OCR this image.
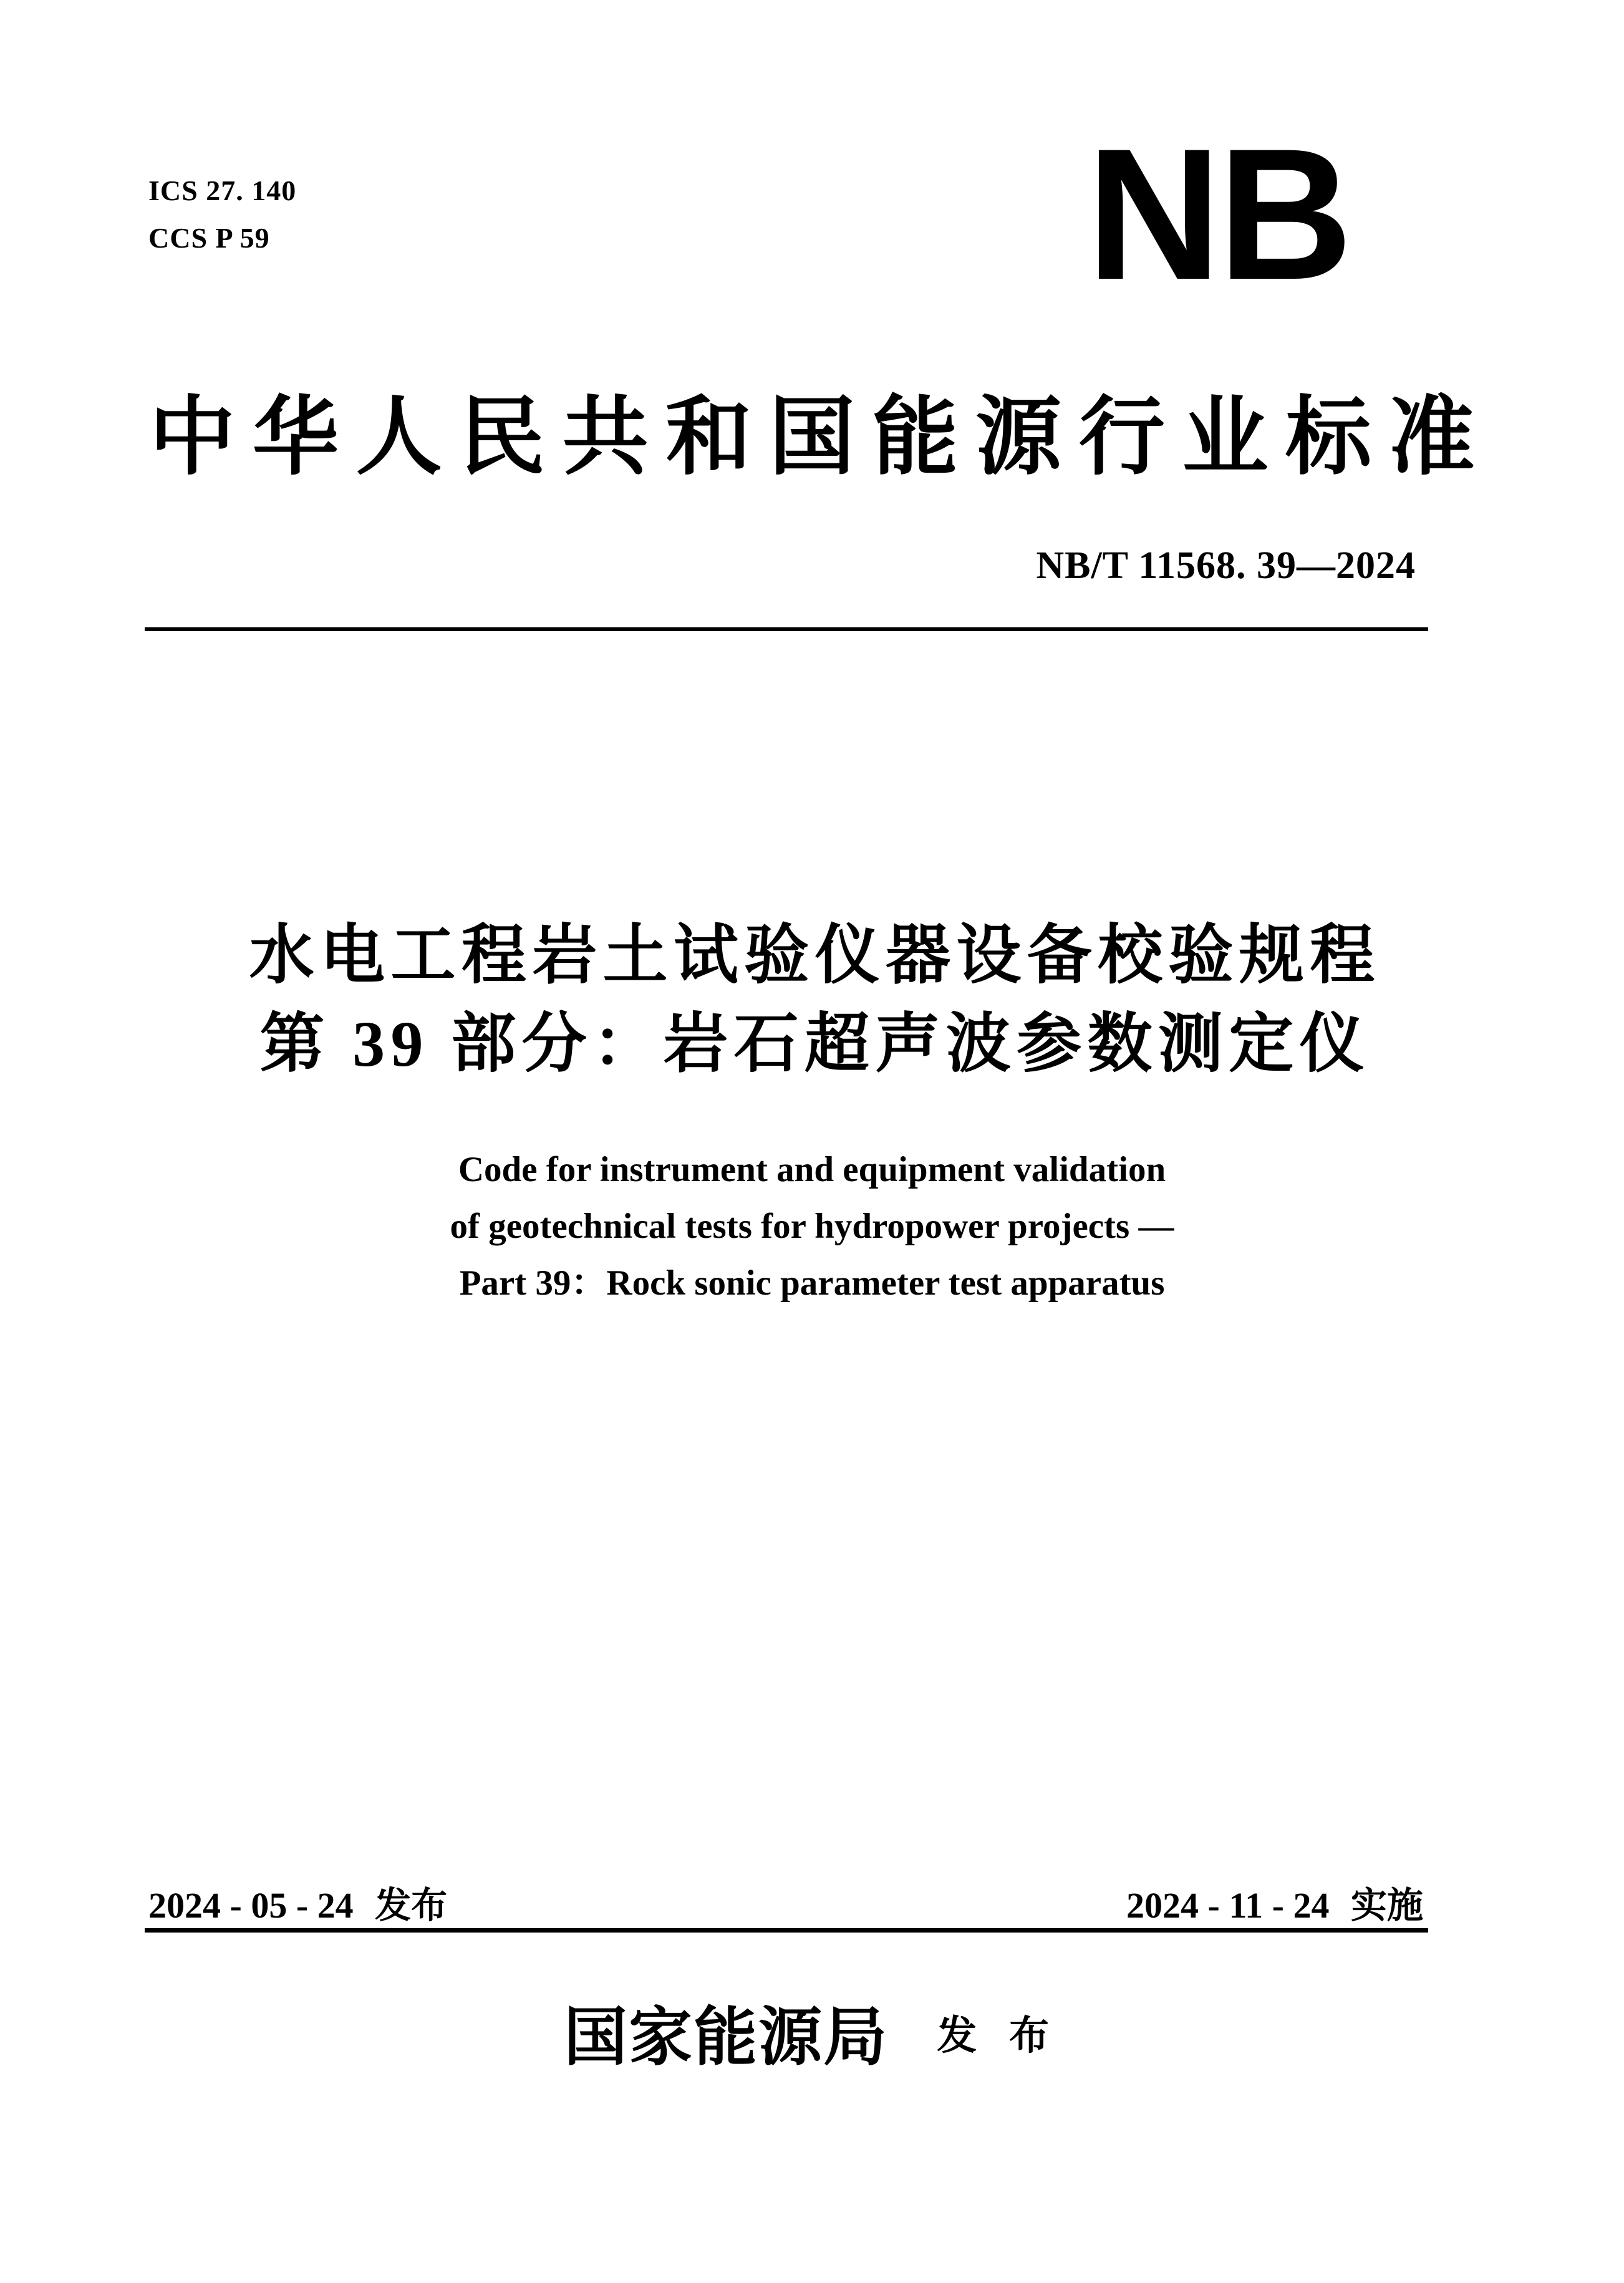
ICS 27. 140
CCS P 59	NB
中华人民共和国能源行业标准
NB/T 11568. 39—2024
水电工程岩土试验仪器设备校验规程
第 39 部分：岩石超声波参数测定仪
Code for instrument and equipment validation
of geotechnical tests for hydropower projects —
Part 39：Rock sonic parameter test apparatus
2024 - 05 - 24 发布	2024 - 11 - 24 实施
国家能源局 发 布
